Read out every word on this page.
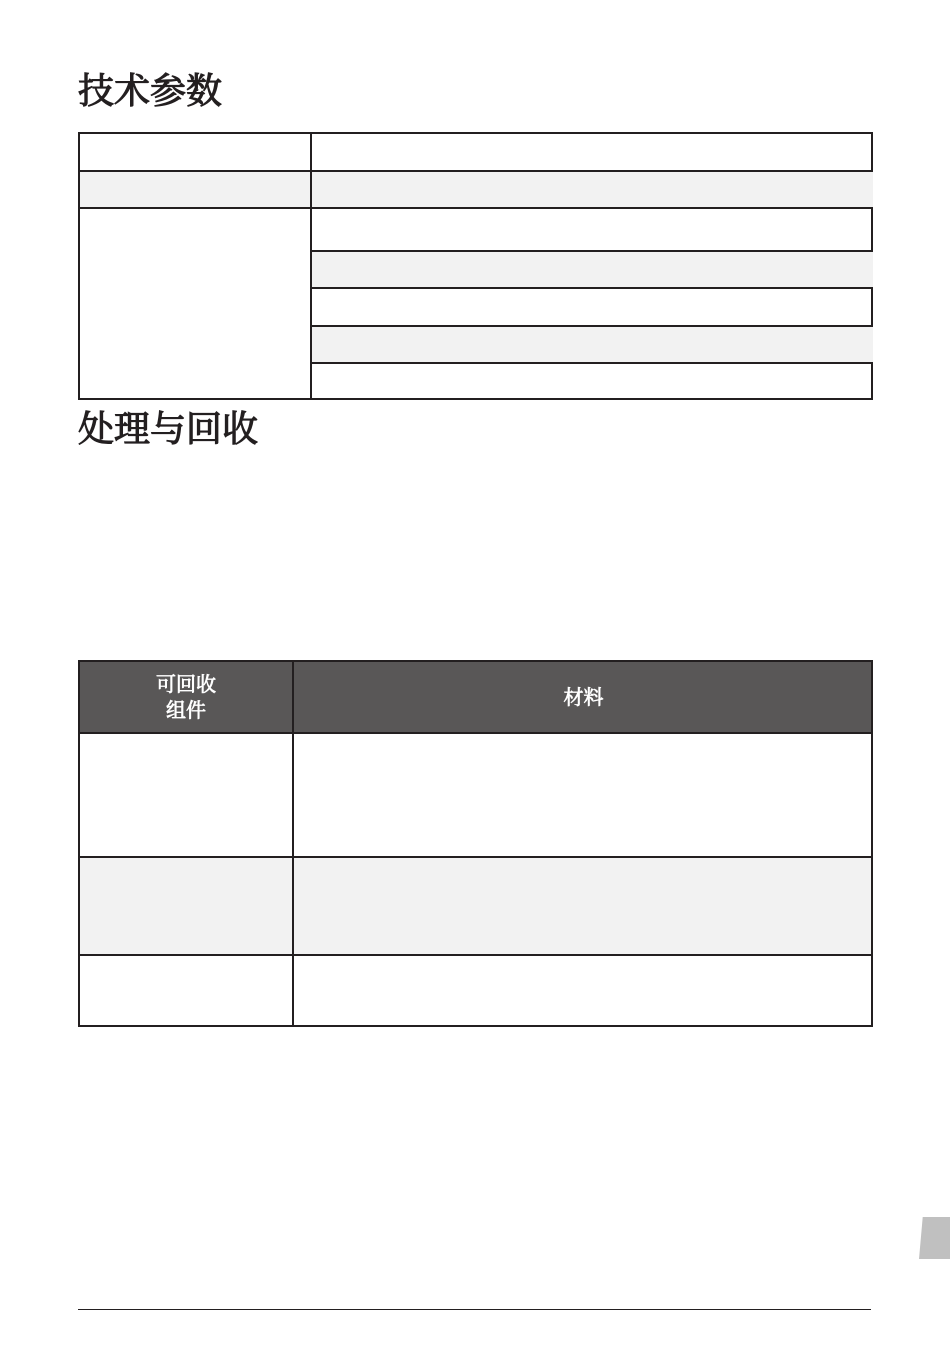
技术参数
处理与回收
可回收
组件
材料
